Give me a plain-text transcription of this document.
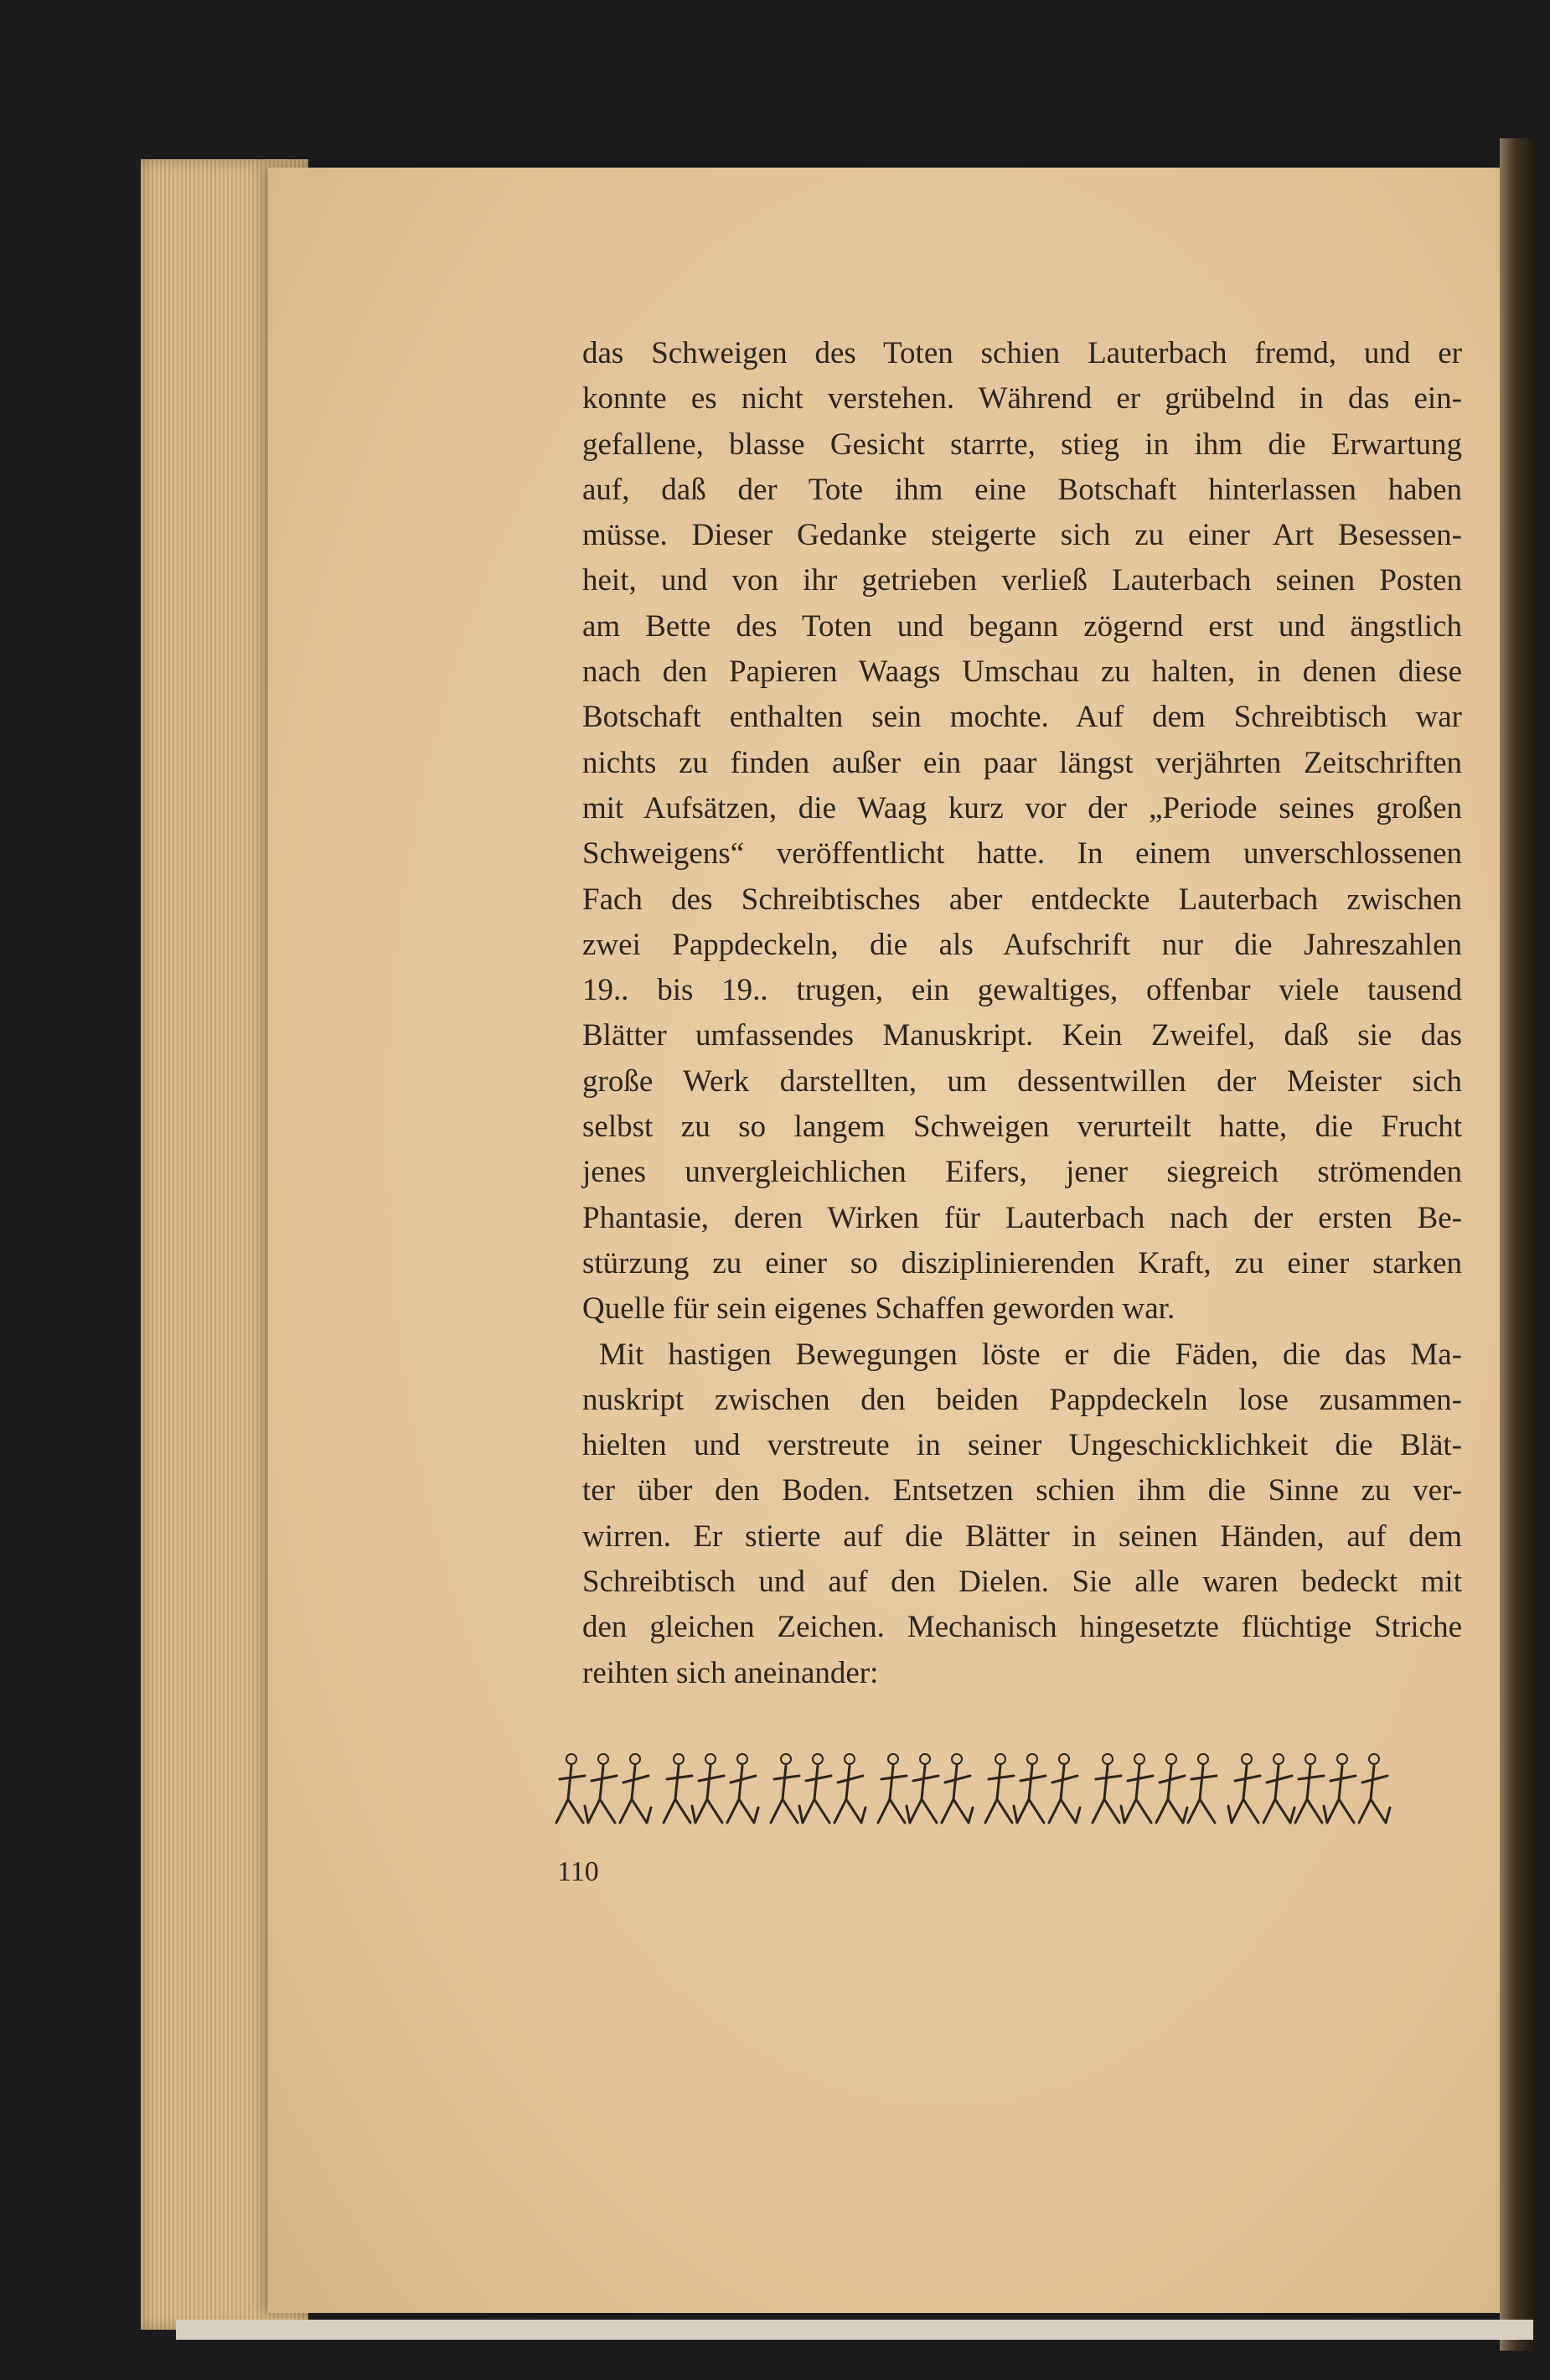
das Schweigen des Toten schien Lauterbach fremd, und er
konnte es nicht verstehen. Während er grübelnd in das ein-
gefallene, blasse Gesicht starrte, stieg in ihm die Erwartung
auf, daß der Tote ihm eine Botschaft hinterlassen haben
müsse. Dieser Gedanke steigerte sich zu einer Art Besessen-
heit, und von ihr getrieben verließ Lauterbach seinen Posten
am Bette des Toten und begann zögernd erst und ängstlich
nach den Papieren Waags Umschau zu halten, in denen diese
Botschaft enthalten sein mochte. Auf dem Schreibtisch war
nichts zu finden außer ein paar längst verjährten Zeitschriften
mit Aufsätzen, die Waag kurz vor der „Periode seines großen
Schweigens“ veröffentlicht hatte. In einem unverschlossenen
Fach des Schreibtisches aber entdeckte Lauterbach zwischen
zwei Pappdeckeln, die als Aufschrift nur die Jahreszahlen
19.. bis 19.. trugen, ein gewaltiges, offenbar viele tausend
Blätter umfassendes Manuskript. Kein Zweifel, daß sie das
große Werk darstellten, um dessentwillen der Meister sich
selbst zu so langem Schweigen verurteilt hatte, die Frucht
jenes unvergleichlichen Eifers, jener siegreich strömenden
Phantasie, deren Wirken für Lauterbach nach der ersten Be-
stürzung zu einer so disziplinierenden Kraft, zu einer starken
Quelle für sein eigenes Schaffen geworden war.
Mit hastigen Bewegungen löste er die Fäden, die das Ma-
nuskript zwischen den beiden Pappdeckeln lose zusammen-
hielten und verstreute in seiner Ungeschicklichkeit die Blät-
ter über den Boden. Entsetzen schien ihm die Sinne zu ver-
wirren. Er stierte auf die Blätter in seinen Händen, auf dem
Schreibtisch und auf den Dielen. Sie alle waren bedeckt mit
den gleichen Zeichen. Mechanisch hingesetzte flüchtige Striche
reihten sich aneinander:
110
